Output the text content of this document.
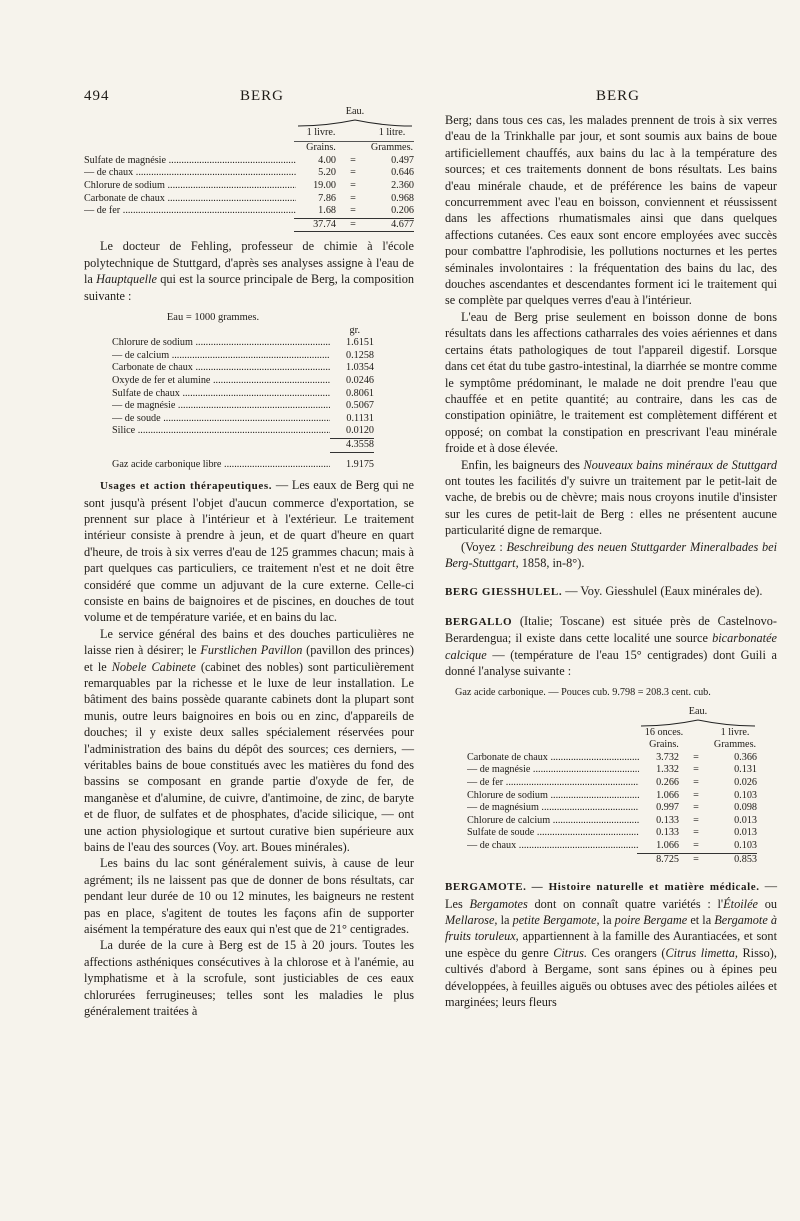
494	BERG	BERG
Eau.
1 livre.	1 litre.
Grains.	Grammes.
Sulfate de magnésie .....	4.00	=	0.497
— de chaux .....	5.20	=	0.646
Chlorure de sodium .....	19.00	=	2.360
Carbonate de chaux .....	7.86	=	0.968
— de fer .....	1.68	=	0.206
37.74	=	4.677

Le docteur de Fehling, professeur de chimie à l'école polytechnique de Stuttgard, d'après ses analyses assigne à l'eau de la Hauptquelle qui est la source principale de Berg, la composition suivante :

Eau = 1000 grammes.
gr.
Chlorure de sodium .....	1.6151
— de calcium .....	0.1258
Carbonate de chaux .....	1.0354
Oxyde de fer et alumine .....	0.0246
Sulfate de chaux .....	0.8061
— de magnésie .....	0.5067
— de soude .....	0.1131
Silice .....	0.0120
4.3558
Gaz acide carbonique libre .....	1.9175

Usages et action thérapeutiques. — Les eaux de Berg qui ne sont jusqu'à présent l'objet d'aucun commerce d'exportation, se prennent sur place à l'intérieur et à l'extérieur. Le traitement intérieur consiste à prendre à jeun, et de quart d'heure en quart d'heure, de trois à six verres d'eau de 125 grammes chacun; mais à part quelques cas particuliers, ce traitement n'est et ne doit être considéré que comme un adjuvant de la cure externe. Celle-ci consiste en bains de baignoires et de piscines, en douches de tout volume et de température variée, et en bains du lac.

Le service général des bains et des douches particulières ne laisse rien à désirer; le Furstlichen Pavillon (pavillon des princes) et le Nobele Cabinete (cabinet des nobles) sont particulièrement remarquables par la richesse et le luxe de leur installation. Le bâtiment des bains possède quarante cabinets dont la plupart sont munis, outre leurs baignoires en bois ou en zinc, d'appareils de douches; il y existe deux salles spécialement réservées pour l'administration des bains du dépôt des sources; ces derniers, — véritables bains de boue constitués avec les matières du fond des bassins se composant en grande partie d'oxyde de fer, de manganèse et d'alumine, de cuivre, d'antimoine, de zinc, de baryte et de fluor, de sulfates et de phosphates, d'acide silicique, — ont une action physiologique et surtout curative bien supérieure aux bains de l'eau des sources (Voy. art. Boues minérales).

Les bains du lac sont généralement suivis, à cause de leur agrément; ils ne laissent pas que de donner de bons résultats, car pendant leur durée de 10 ou 12 minutes, les baigneurs ne restent pas en place, s'agitent de toutes les façons afin de supporter aisément la température des eaux qui n'est que de 21° centigrades.

La durée de la cure à Berg est de 15 à 20 jours. Toutes les affections asthéniques consécutives à la chlorose et à l'anémie, au lymphatisme et à la scrofule, sont justiciables de ces eaux chlorurées ferrugineuses; telles sont les maladies le plus généralement traitées à

Berg; dans tous ces cas, les malades prennent de trois à six verres d'eau de la Trinkhalle par jour, et sont soumis aux bains de boue artificiellement chauffés, aux bains du lac à la température des sources; et ces traitements donnent de bons résultats. Les bains d'eau minérale chaude, et de préférence les bains de vapeur concurremment avec l'eau en boisson, conviennent et réussissent dans les affections rhumatismales ainsi que dans quelques affections cutanées. Ces eaux sont encore employées avec succès pour combattre l'aphrodisie, les pollutions nocturnes et les pertes séminales involontaires : la fréquentation des bains du lac, des douches ascendantes et descendantes forment ici le traitement qui se complète par quelques verres d'eau à l'intérieur.

L'eau de Berg prise seulement en boisson donne de bons résultats dans les affections catharrales des voies aériennes et dans certains états pathologiques de tout l'appareil digestif. Lorsque dans cet état du tube gastro-intestinal, la diarrhée se montre comme le symptôme prédominant, le malade ne doit prendre l'eau que chauffée et en petite quantité; au contraire, dans les cas de constipation opiniâtre, le traitement est complètement différent et opposé; on combat la constipation en prescrivant l'eau minérale froide et à dose élevée.

Enfin, les baigneurs des Nouveaux bains minéraux de Stuttgard ont toutes les facilités d'y suivre un traitement par le petit-lait de vache, de brebis ou de chèvre; mais nous croyons inutile d'insister sur les cures de petit-lait de Berg : elles ne présentent aucune particularité digne de remarque.

(Voyez : Beschreibung des neuen Stuttgarder Mineralbades bei Berg-Stuttgart, 1858, in-8°).

BERG GIESSHULEL. — Voy. Giesshulel (Eaux minérales de).

BERGALLO (Italie; Toscane) est située près de Castelnovo-Berardengua; il existe dans cette localité une source bicarbonatée calcique — (température de l'eau 15° centigrades) dont Guili a donné l'analyse suivante :

Gaz acide carbonique. — Pouces cub. 9.798 = 208.3 cent. cub.
Eau.
16 onces.	1 livre.
Grains.	Grammes.
Carbonate de chaux .....	3.732	=	0.366
— de magnésie .....	1.332	=	0.131
— de fer .....	0.266	=	0.026
Chlorure de sodium .....	1.066	=	0.103
— de magnésium .....	0.997	=	0.098
Chlorure de calcium .....	0.133	=	0.013
Sulfate de soude .....	0.133	=	0.013
— de chaux .....	1.066	=	0.103
8.725	=	0.853

BERGAMOTE. — Histoire naturelle et matière médicale. — Les Bergamotes dont on connaît quatre variétés : l'Étoilée ou Mellarose, la petite Bergamote, la poire Bergame et la Bergamote à fruits toruleux, appartiennent à la famille des Aurantiacées, et sont une espèce du genre Citrus. Ces orangers (Citrus limetta, Risso), cultivés d'abord à Bergame, sont sans épines ou à épines peu développées, à feuilles aiguës ou obtuses avec des pétioles ailées et marginées; leurs fleurs
